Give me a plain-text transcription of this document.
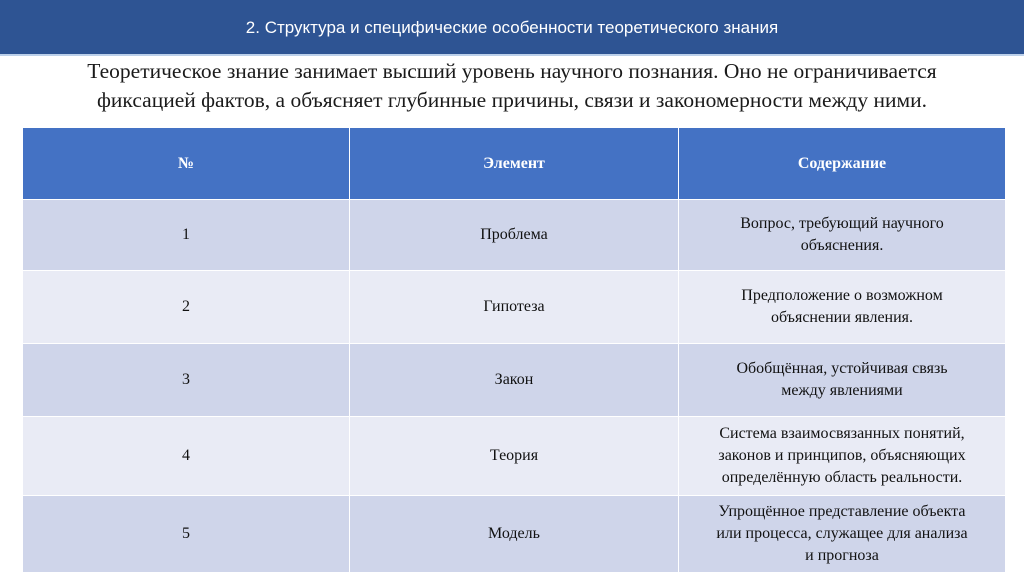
2. Структура и специфические особенности теоретического знания
Теоретическое знание занимает высший уровень научного познания. Оно не ограничивается
фиксацией фактов, а объясняет глубинные причины, связи и закономерности между ними.
№	Элемент	Содержание
1	Проблема	Вопрос, требующий научного
объяснения.

2	Гипотеза	Предположение о возможном
объяснении явления.

3	Закон	Обобщённая, устойчивая связь
между явлениями

4	Теория	Система взаимосвязанных понятий,
законов и принципов, объясняющих
определённую область реальности.

5	Модель	Упрощённое представление объекта
или процесса, служащее для анализа
и прогноза
